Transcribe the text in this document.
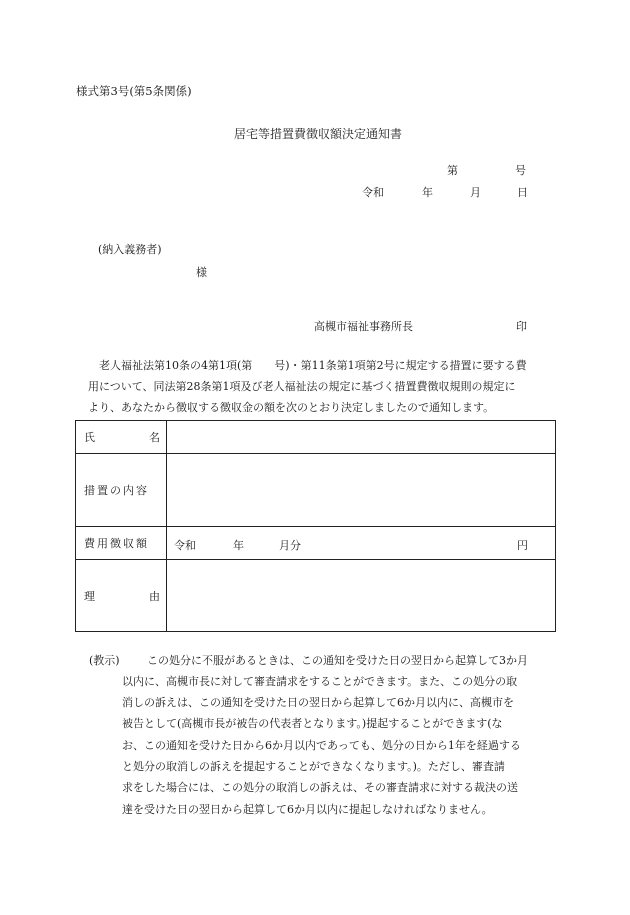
様式第3号(第5条関係)
居宅等措置費徴収額決定通知書
第	号
令和	年	月	日
(納入義務者)
様
高槻市福祉事務所長	印
老人福祉法第10条の4第1項(第　　号)・第11条第1項第2号に規定する措置に要する費
用について、同法第28条第1項及び老人福祉法の規定に基づく措置費徴収規則の規定に
より、あなたから徴収する徴収金の額を次のとおり決定しましたので通知します。
氏 名	

措置の内容	
費用徴収額	令和 年 月分 円

理 由	

(教示) この処分に不服があるときは、この通知を受けた日の翌日から起算して3か月
以内に、高槻市長に対して審査請求をすることができます。また、この処分の取
消しの訴えは、この通知を受けた日の翌日から起算して6か月以内に、高槻市を
被告として(高槻市長が被告の代表者となります。)提起することができます(な
お、この通知を受けた日から6か月以内であっても、処分の日から1年を経過する
と処分の取消しの訴えを提起することができなくなります。)。ただし、審査請
求をした場合には、この処分の取消しの訴えは、その審査請求に対する裁決の送
達を受けた日の翌日から起算して6か月以内に提起しなければなりません。
